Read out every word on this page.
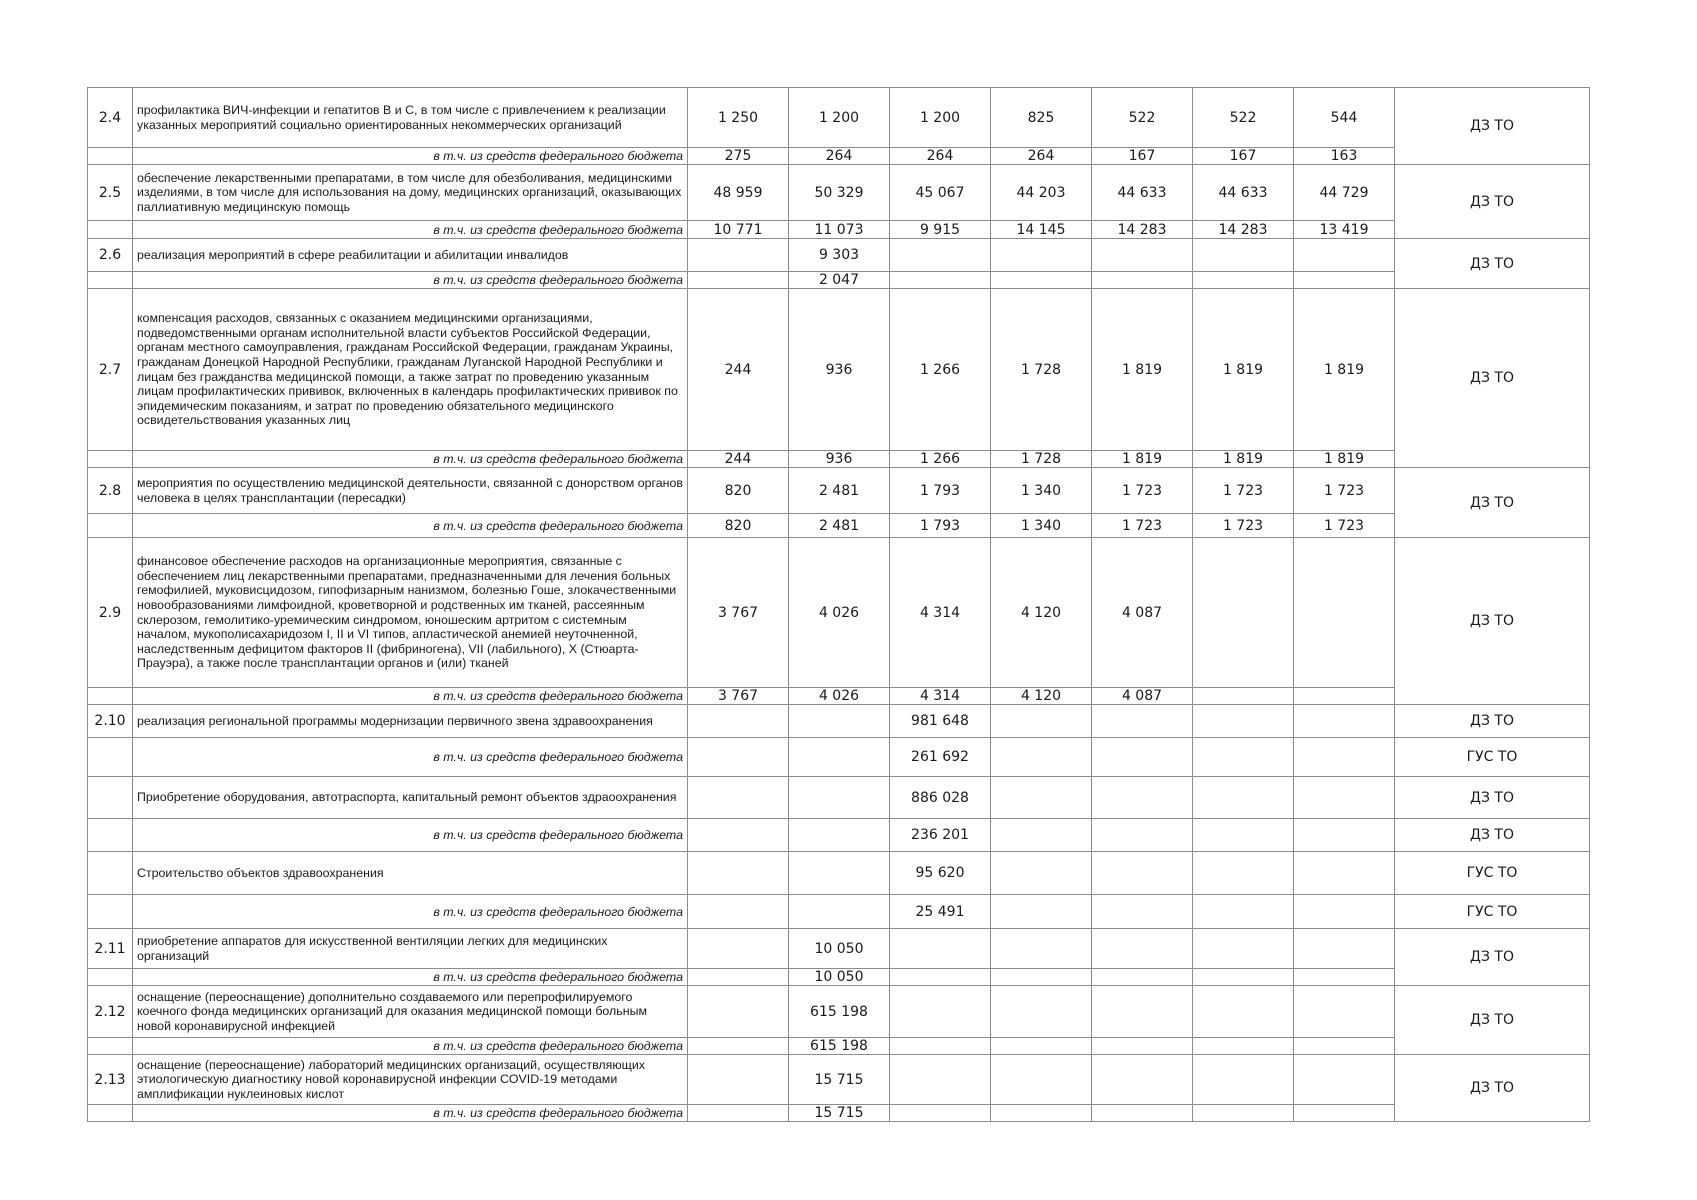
2.4	профилактика ВИЧ-инфекции и гепатитов В и С, в том числе с привлечением к реализации указанных мероприятий социально ориентированных некоммерческих организаций	1 250	1 200	1 200	825	522	522	544	ДЗ ТО
	в т.ч. из средств федерального бюджета	275	264	264	264	167	167	163	
2.5	обеспечение лекарственными препаратами, в том числе для обезболивания, медицинскими изделиями, в том числе для использования на дому, медицинских организаций, оказывающих паллиативную медицинскую помощь	48 959	50 329	45 067	44 203	44 633	44 633	44 729	ДЗ ТО
	в т.ч. из средств федерального бюджета	10 771	11 073	9 915	14 145	14 283	14 283	13 419	
2.6	реализация мероприятий в сфере реабилитации и абилитации инвалидов		9 303						ДЗ ТО
	в т.ч. из средств федерального бюджета		2 047						
2.7	компенсация расходов, связанных с оказанием медицинскими организациями, подведомственными органам исполнительной власти субъектов Российской Федерации, органам местного самоуправления, гражданам Российской Федерации, гражданам Украины, гражданам Донецкой Народной Республики, гражданам Луганской Народной Республики и лицам без гражданства медицинской помощи, а также затрат по проведению указанным лицам профилактических прививок, включенных в календарь профилактических прививок по эпидемическим показаниям, и затрат по проведению обязательного медицинского освидетельствования указанных лиц	244	936	1 266	1 728	1 819	1 819	1 819	ДЗ ТО
	в т.ч. из средств федерального бюджета	244	936	1 266	1 728	1 819	1 819	1 819	
2.8	мероприятия по осуществлению медицинской деятельности, связанной с донорством органов человека в целях трансплантации (пересадки)	820	2 481	1 793	1 340	1 723	1 723	1 723	ДЗ ТО
	в т.ч. из средств федерального бюджета	820	2 481	1 793	1 340	1 723	1 723	1 723	
2.9	финансовое обеспечение расходов на организационные мероприятия, связанные с обеспечением лиц лекарственными препаратами, предназначенными для лечения больных гемофилией, муковисцидозом, гипофизарным нанизмом, болезнью Гоше, злокачественными новообразованиями лимфоидной, кроветворной и родственных им тканей, рассеянным склерозом, гемолитико-уремическим синдромом, юношеским артритом с системным началом, мукополисахаридозом I, II и VI типов, апластической анемией неуточненной, наследственным дефицитом факторов II (фибриногена), VII (лабильного), X (Стюарта-Прауэра), а также после трансплантации органов и (или) тканей	3 767	4 026	4 314	4 120	4 087			ДЗ ТО
	в т.ч. из средств федерального бюджета	3 767	4 026	4 314	4 120	4 087			
2.10	реализация региональной программы модернизации первичного звена здравоохранения			981 648					ДЗ ТО
	в т.ч. из средств федерального бюджета			261 692					ГУС ТО
	Приобретение оборудования, автотраспорта, капитальный ремонт объектов здраоохранения			886 028					ДЗ ТО
	в т.ч. из средств федерального бюджета			236 201					ДЗ ТО
	Строительство объектов здравоохранения			95 620					ГУС ТО
	в т.ч. из средств федерального бюджета			25 491					ГУС ТО
2.11	приобретение аппаратов для искусственной вентиляции легких для медицинских организаций		10 050						ДЗ ТО
	в т.ч. из средств федерального бюджета		10 050						
2.12	оснащение (переоснащение) дополнительно создаваемого или перепрофилируемого коечного фонда медицинских организаций для оказания медицинской помощи больным новой коронавирусной инфекцией		615 198						ДЗ ТО
	в т.ч. из средств федерального бюджета		615 198						
2.13	оснащение (переоснащение) лабораторий медицинских организаций, осуществляющих этиологическую диагностику новой коронавирусной инфекции COVID-19 методами амплификации нуклеиновых кислот		15 715						ДЗ ТО
	в т.ч. из средств федерального бюджета		15 715						
